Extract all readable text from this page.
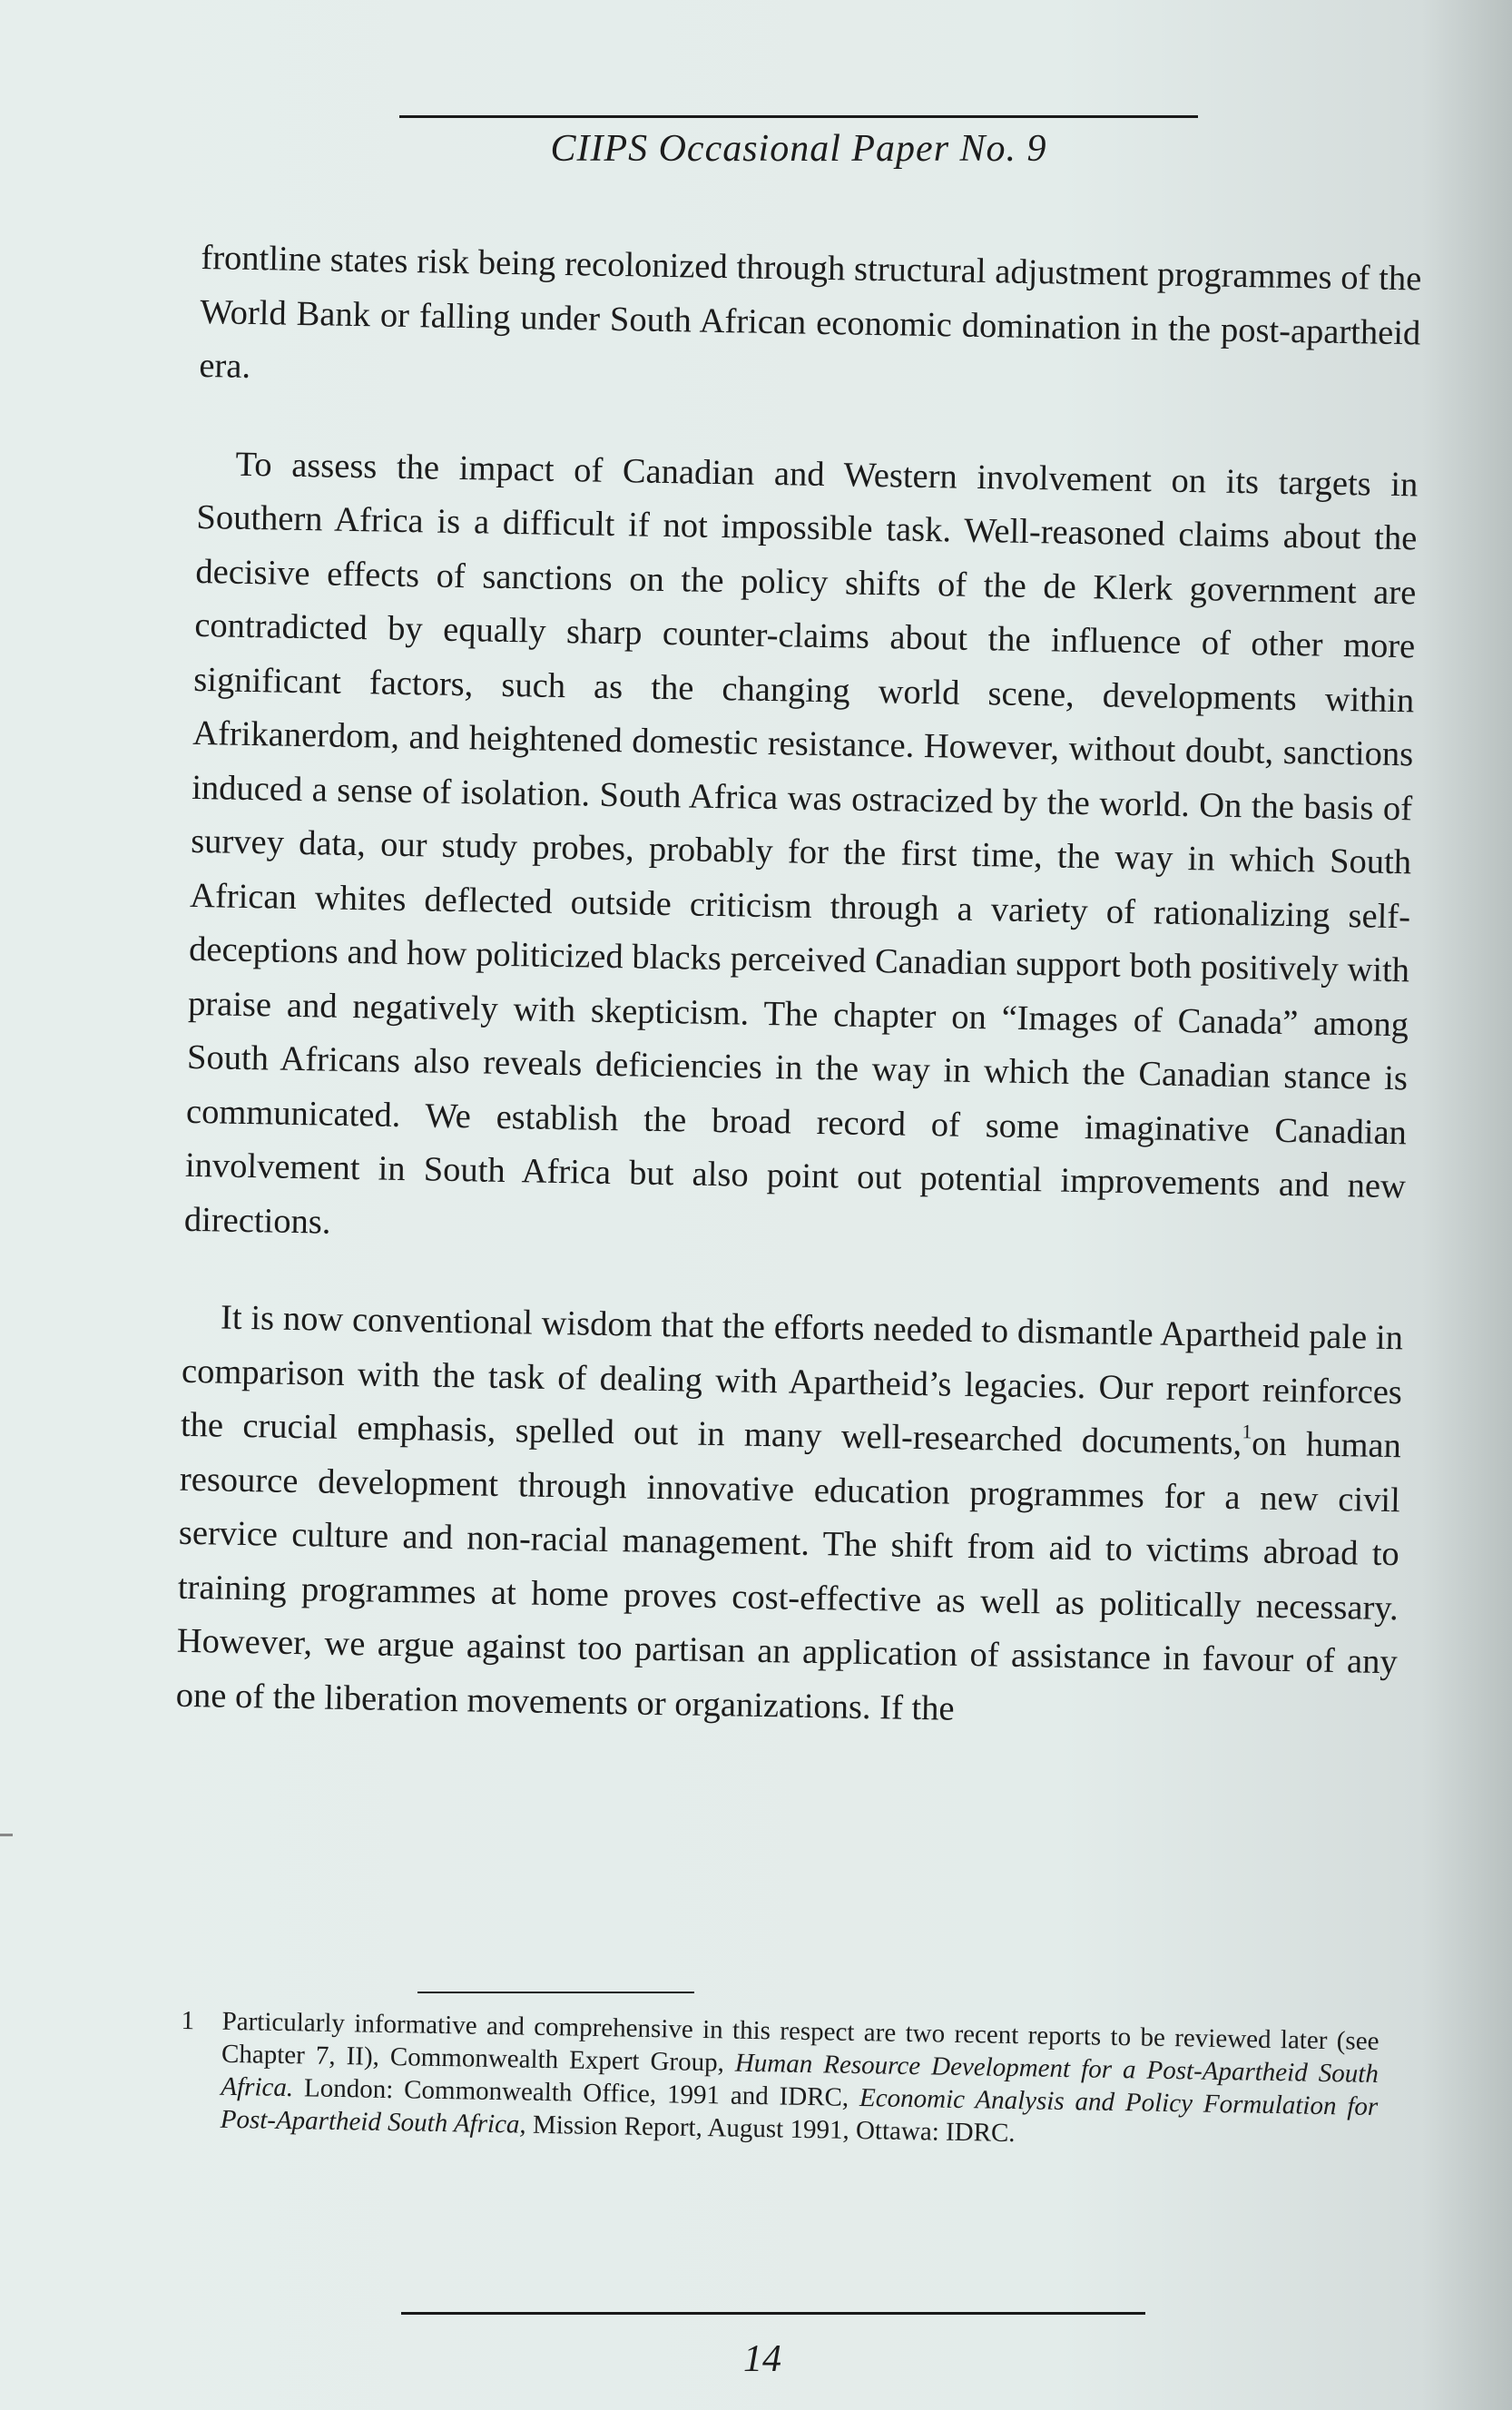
CIIPS Occasional Paper No. 9

frontline states risk being recolonized through structural adjustment programmes of the World Bank or falling under South African economic domination in the post-apartheid era.

To assess the impact of Canadian and Western involvement on its targets in Southern Africa is a difficult if not impossible task. Well-reasoned claims about the decisive effects of sanctions on the policy shifts of the de Klerk government are contradicted by equally sharp counter-claims about the influence of other more significant factors, such as the changing world scene, developments within Afrikanerdom, and heightened domestic resistance. However, without doubt, sanctions induced a sense of isolation. South Africa was ostracized by the world. On the basis of survey data, our study probes, probably for the first time, the way in which South African whites deflected outside criticism through a variety of rationalizing self-deceptions and how politicized blacks perceived Canadian support both positively with praise and negatively with skepticism. The chapter on “Images of Canada” among South Africans also reveals deficiencies in the way in which the Canadian stance is communicated. We establish the broad record of some imaginative Canadian involvement in South Africa but also point out potential improvements and new directions.

It is now conventional wisdom that the efforts needed to dismantle Apartheid pale in comparison with the task of dealing with Apartheid’s legacies. Our report reinforces the crucial emphasis, spelled out in many well-researched documents,$^1$on human resource development through innovative education programmes for a new civil service culture and non-racial management. The shift from aid to victims abroad to training programmes at home proves cost-effective as well as politically necessary. However, we argue against too partisan an application of assistance in favour of any one of the liberation movements or organizations. If the

1	Particularly informative and comprehensive in this respect are two recent reports to be reviewed later (see Chapter 7, II), Commonwealth Expert Group, Human Resource Development for a Post-Apartheid South Africa. London: Commonwealth Office, 1991 and IDRC, Economic Analysis and Policy Formulation for Post-Apartheid South Africa, Mission Report, August 1991, Ottawa: IDRC.
14
